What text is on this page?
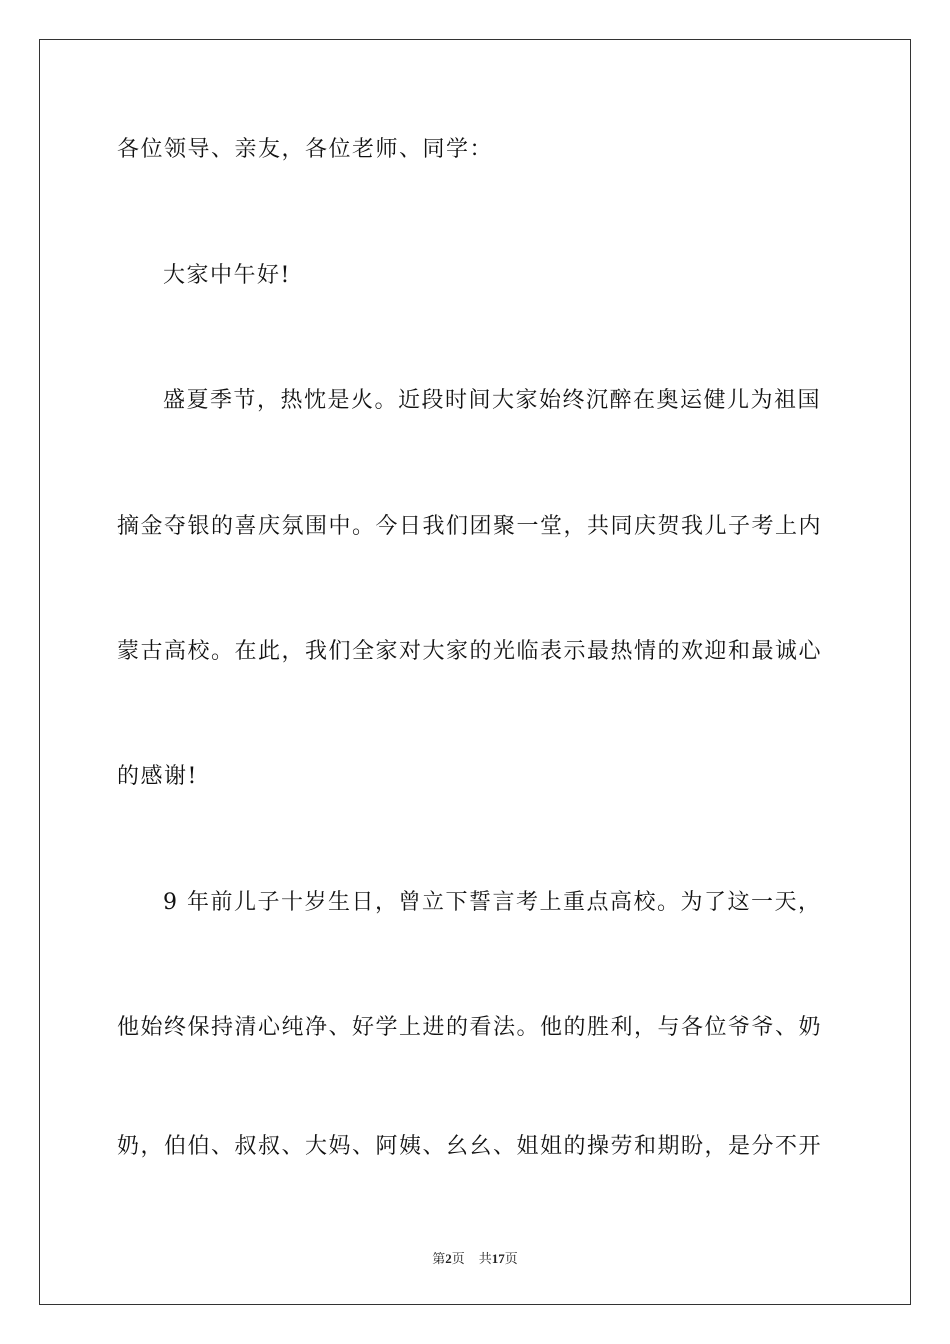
各位领导、亲友，各位老师、同学：
大家中午好!
盛夏季节，热忱是火。近段时间大家始终沉醉在奥运健儿为祖国
摘金夺银的喜庆氛围中。今日我们团聚一堂，共同庆贺我儿子考上内
蒙古高校。在此，我们全家对大家的光临表示最热情的欢迎和最诚心
的感谢!
9 年前儿子十岁生日，曾立下誓言考上重点高校。为了这一天，
他始终保持清心纯净、好学上进的看法。他的胜利，与各位爷爷、奶
奶，伯伯、叔叔、大妈、阿姨、幺幺、姐姐的操劳和期盼，是分不开
第2页 共17页
